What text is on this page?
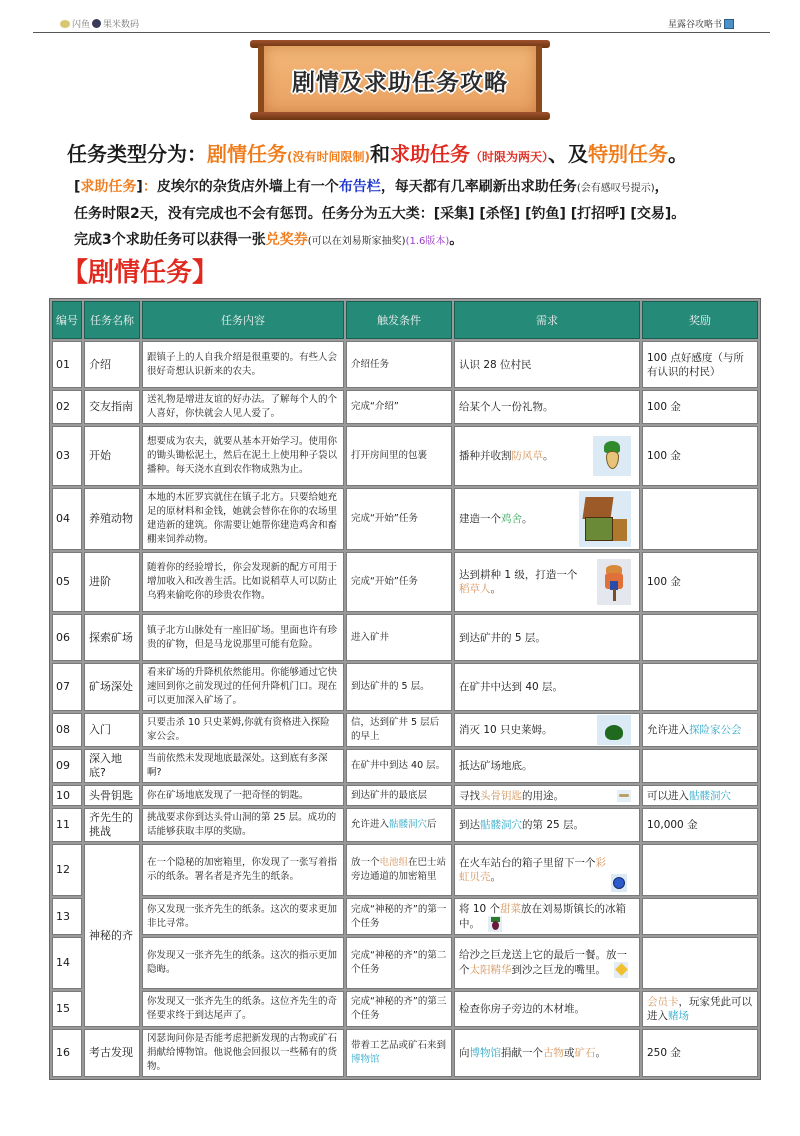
闪鱼 果米数码	星露谷攻略书
剧情及求助任务攻略
任务类型分为：剧情任务(没有时间限制)和求助任务（时限为两天）、及特别任务。
[求助任务]：皮埃尔的杂货店外墙上有一个布告栏，每天都有几率刷新出求助任务(会有感叹号提示)，
任务时限2天，没有完成也不会有惩罚。任务分为五大类：[采集] [杀怪] [钓鱼] [打招呼] [交易]。
完成3个求助任务可以获得一张兑奖券(可以在刘易斯家抽奖)(1.6版本)。
【剧情任务】
编号	任务名称	任务内容	触发条件	需求	奖励
01	介绍	跟镇子上的人自我介绍是很重要的。有些人会很好奇想认识新来的农夫。	介绍任务	认识 28 位村民	100 点好感度（与所有认识的村民）
02	交友指南	送礼物是增进友谊的好办法。了解每个人的个人喜好，你快就会人见人爱了。	完成“介绍”	给某个人一份礼物。	100 金
03	开始	想要成为农夫，就要从基本开始学习。使用你的锄头锄松泥土，然后在泥土上使用种子袋以播种。每天浇水直到农作物成熟为止。	打开房间里的包裹	播种并收割防风草。	100 金
04	养殖动物	本地的木匠罗宾就住在镇子北方。只要给她充足的原材料和金钱，她就会替你在你的农场里建造新的建筑。你需要让她帮你建造鸡舍和畜棚来饲养动物。	完成“开始”任务	建造一个鸡舍。

05	进阶	随着你的经验增长，你会发现新的配方可用于增加收入和改善生活。比如说稻草人可以防止乌鸦来偷吃你的珍贵农作物。	完成“开始”任务	达到耕种 1 级，打造一个
稻草人。	100 金
06	探索矿场	镇子北方山脉处有一座旧矿场。里面也许有珍贵的矿物，但是马龙说那里可能有危险。	进入矿井	到达矿井的 5 层。	
07	矿场深处	看来矿场的升降机依然能用。你能够通过它快速回到你之前发现过的任何升降机门口。现在可以更加深入矿场了。	到达矿井的 5 层。	在矿井中达到 40 层。	
08	入门	只要击杀 10 只史莱姆,你就有资格进入探险家公会。	信，达到矿井 5 层后的早上	消灭 10 只史莱姆。	允许进入探险家公会
09	深入地底?	当前依然未发现地底最深处。这到底有多深啊?	在矿井中到达 40 层。	抵达矿场地底。	
10	头骨钥匙	你在矿场地底发现了一把奇怪的钥匙。	到达矿井的最底层	寻找头骨钥匙的用途。	可以进入骷髅洞穴
11	齐先生的挑战	挑战要求你到达头骨山洞的第 25 层。成功的话能够获取丰厚的奖励。	允许进入骷髅洞穴后	到达骷髅洞穴的第 25 层。	10,000 金
12	神秘的齐	在一个隐秘的加密箱里，你发现了一张写着指示的纸条。署名者是齐先生的纸条。	放一个电池组在巴士站旁边通道的加密箱里	在火车站台的箱子里留下一个彩虹贝壳。

13		你又发现一张齐先生的纸条。这次的要求更加非比寻常。	完成“神秘的齐”的第一个任务	将 10 个甜菜放在刘易斯镇长的冰箱中。

14		你发现又一张齐先生的纸条。这次的指示更加隐晦。	完成“神秘的齐”的第二个任务	给沙之巨龙送上它的最后一餐。放一个太阳精华到沙之巨龙的嘴里。

15		你发现又一张齐先生的纸条。这位齐先生的奇怪要求终于到达尾声了。	完成“神秘的齐”的第三个任务	检查你房子旁边的木材堆。	会员卡，玩家凭此可以进入赌场
16	考古发现	冈瑟询问你是否能考虑把新发现的古物或矿石捐献给博物馆。他说他会回报以一些稀有的货物。	带着工艺品或矿石来到博物馆	向博物馆捐献一个古物或矿石。	250 金
